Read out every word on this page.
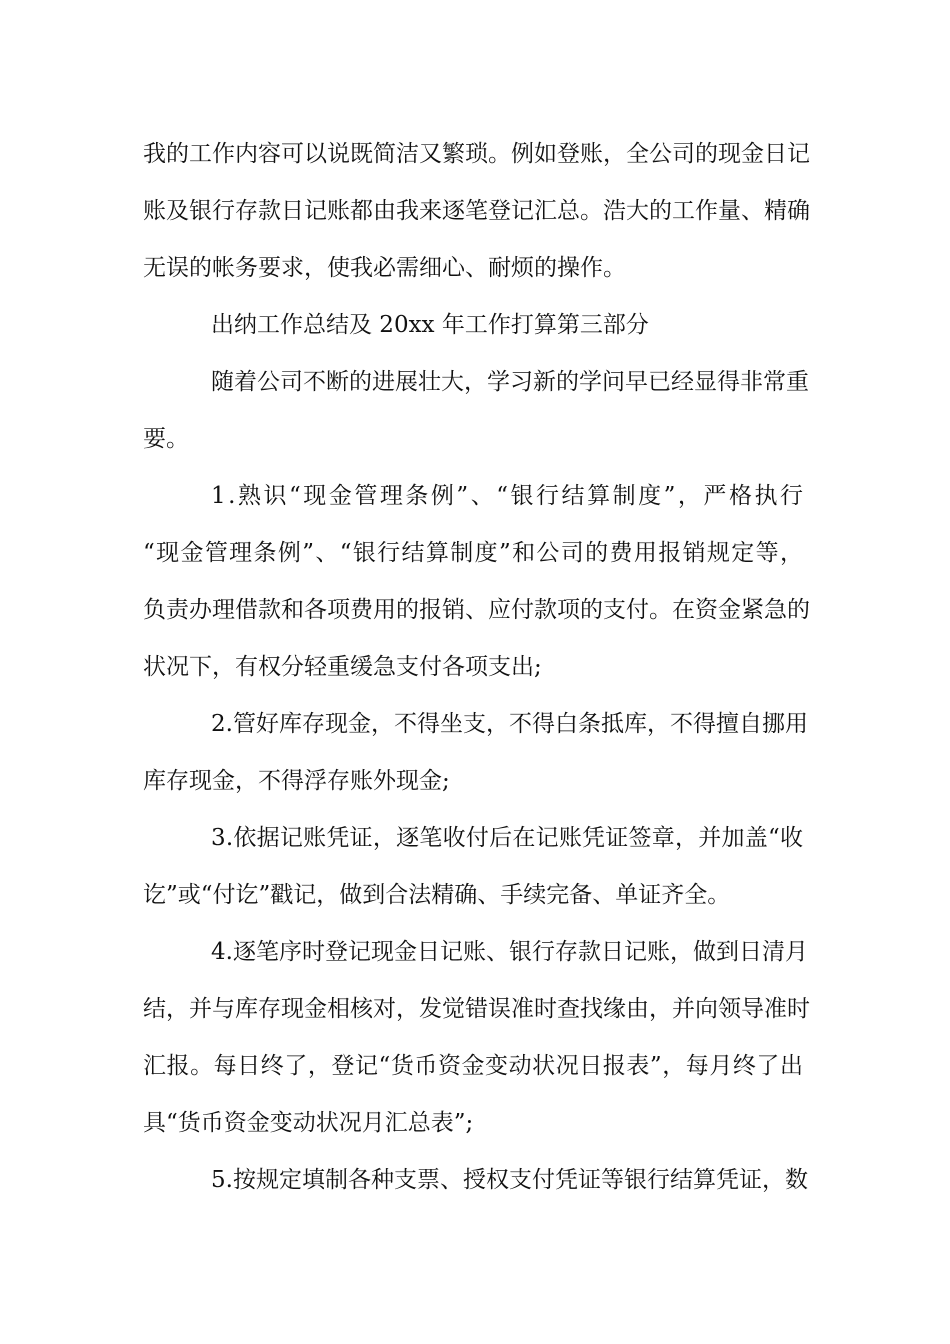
我的工作内容可以说既简洁又繁琐。例如登账，全公司的现金日记
账及银行存款日记账都由我来逐笔登记汇总。浩大的工作量、精确
无误的帐务要求，使我必需细心、耐烦的操作。
出纳工作总结及 20xx 年工作打算第三部分
随着公司不断的进展壮大，学习新的学问早已经显得非常重
要。
1.熟识“现金管理条例”、“银行结算制度”，严格执行
“现金管理条例”、“银行结算制度”和公司的费用报销规定等，
负责办理借款和各项费用的报销、应付款项的支付。在资金紧急的
状况下，有权分轻重缓急支付各项支出;
2.管好库存现金，不得坐支，不得白条抵库，不得擅自挪用
库存现金，不得浮存账外现金;
3.依据记账凭证，逐笔收付后在记账凭证签章，并加盖“收
讫”或“付讫”戳记，做到合法精确、手续完备、单证齐全。
4.逐笔序时登记现金日记账、银行存款日记账，做到日清月
结，并与库存现金相核对，发觉错误准时查找缘由，并向领导准时
汇报。每日终了，登记“货币资金变动状况日报表”，每月终了出
具“货币资金变动状况月汇总表”;
5.按规定填制各种支票、授权支付凭证等银行结算凭证，数
